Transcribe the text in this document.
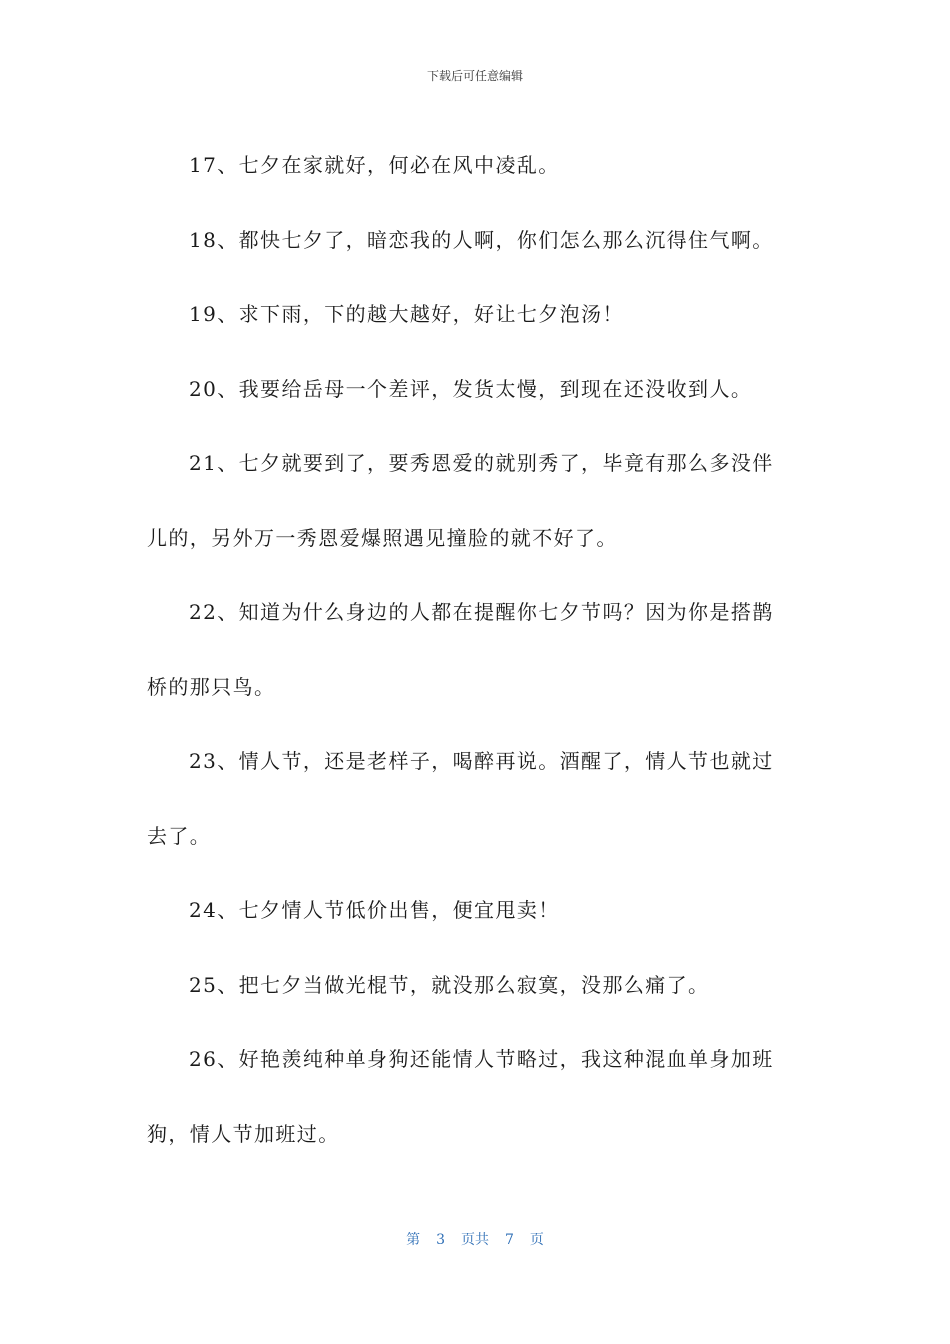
下载后可任意编辑

17、七夕在家就好，何必在风中凌乱。

18、都快七夕了，暗恋我的人啊，你们怎么那么沉得住气啊。

19、求下雨，下的越大越好，好让七夕泡汤！

20、我要给岳母一个差评，发货太慢，到现在还没收到人。

21、七夕就要到了，要秀恩爱的就别秀了，毕竟有那么多没伴
儿的，另外万一秀恩爱爆照遇见撞脸的就不好了。

22、知道为什么身边的人都在提醒你七夕节吗？因为你是搭鹊
桥的那只鸟。

23、情人节，还是老样子，喝醉再说。酒醒了，情人节也就过
去了。

24、七夕情人节低价出售，便宜甩卖！

25、把七夕当做光棍节，就没那么寂寞，没那么痛了。

26、好艳羡纯种单身狗还能情人节略过，我这种混血单身加班
狗，情人节加班过。

第 3 页共 7 页
